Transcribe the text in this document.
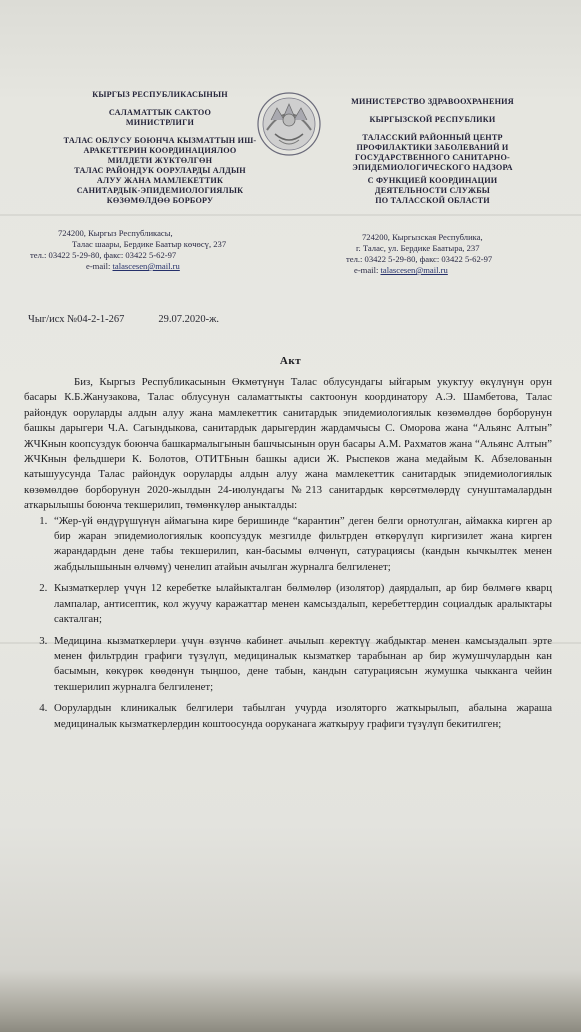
КЫРГЫЗ РЕСПУБЛИКАСЫНЫН
САЛАМАТТЫК САКТОО
МИНИСТРЛИГИ
ТАЛАС ОБЛУСУ БОЮНЧА КЫЗМАТТЫН ИШ-
АРАКЕТТЕРИН КООРДИНАЦИЯЛОО
МИЛДЕТИ ЖҮКТӨЛГӨН
ТАЛАС РАЙОНДУК ООРУЛАРДЫ АЛДЫН
АЛУУ ЖАНА МАМЛЕКЕТТИК
САНИТАРДЫК-ЭПИДЕМИОЛОГИЯЛЫК
КӨЗӨМӨЛДӨӨ БОРБОРУ
МИНИСТЕРСТВО ЗДРАВООХРАНЕНИЯ
КЫРГЫЗСКОЙ РЕСПУБЛИКИ
ТАЛАССКИЙ РАЙОННЫЙ ЦЕНТР
ПРОФИЛАКТИКИ ЗАБОЛЕВАНИЙ И
ГОСУДАРСТВЕННОГО САНИТАРНО-
ЭПИДЕМИОЛОГИЧЕСКОГО НАДЗОРА
С ФУНКЦИЕЙ КООРДИНАЦИИ
ДЕЯТЕЛЬНОСТИ СЛУЖБЫ
ПО ТАЛАССКОЙ ОБЛАСТИ
724200, Кыргыз Республикасы,
Талас шаары, Бердике Баатыр көчөсү, 237
тел.: 03422 5-29-80, факс: 03422 5-62-97
e-mail: talascesen@mail.ru
724200, Кыргызская Республика,
г. Талас, ул. Бердике Баатыра, 237
тел.: 03422 5-29-80, факс: 03422 5-62-97
e-mail: talascesen@mail.ru
Чыг/исх №04-2-1-267	29.07.2020-ж.
Акт

Биз, Кыргыз Республикасынын Өкмөтүнүн Талас облусундагы ыйгарым укуктуу өкүлүнүн орун басары К.Б.Жанузакова, Талас облусунун саламаттыкты сактоонун координатору А.Э. Шамбетова, Талас райондук ооруларды алдын алуу жана мамлекеттик санитардык эпидемиологиялык көзөмөлдөө борборунун башкы дарыгери Ч.А. Сагындыкова, санитардык дарыгердин жардамчысы С. Оморова жана “Альянс Алтын” ЖЧКнын коопсуздук боюнча башкармалыгынын башчысынын орун басары А.М. Рахматов жана “Альянс Алтын” ЖЧКнын фельдшери К. Болотов, ОТИТБнын башкы адиси Ж. Рыспеков жана медайым К. Абзелованын катышуусунда Талас райондук ооруларды алдын алуу жана мамлекеттик санитардык эпидемиологиялык көзөмөлдөө борборунун 2020-жылдын 24-июлундагы №213 санитардык көрсөтмөлөрдү сунуштамалардын аткарылышы боюнча текшерилип, төмөнкүлөр аныкталды:

1. “Жер-үй өндүрүшүнүн аймагына кире беришинде “карантин” деген белги орнотулган, аймакка кирген ар бир жаран эпидемиологиялык коопсуздук мезгилде фильтрден өткөрүлүп киргизилет жана кирген жарандардын дене табы текшерилип, кан-басымы өлчөнүп, сатурациясы (кандын кычкылтек менен жабдылышынын өлчөмү) ченелип атайын ачылган журналга белгиленет;
2. Кызматкерлер үчүн 12 керебетке ылайыкталган бөлмөлөр (изолятор) даярдалып, ар бир бөлмөгө кварц лампалар, антисептик, кол жуучу каражаттар менен камсыздалып, керебеттердин социалдык аралыктары сакталган;
3. Медицина кызматкерлери үчүн өзүнчө кабинет ачылып керектүү жабдыктар менен камсыздалып эрте менен фильтрдин графиги түзүлүп, медициналык кызматкер тарабынан ар бир жумушчулардын кан басымын, көкүрөк көөдөнүн тыңшоо, дене табын, кандын сатурациясын жумушка чыкканга чейин текшерилип журналга белгиленет;
4. Оорулардын клиникалык белгилери табылган учурда изоляторго жаткырылып, абалына жараша медициналык кызматкерлердин коштоосунда ооруканага жаткыруу графиги түзүлүп бекитилген;
